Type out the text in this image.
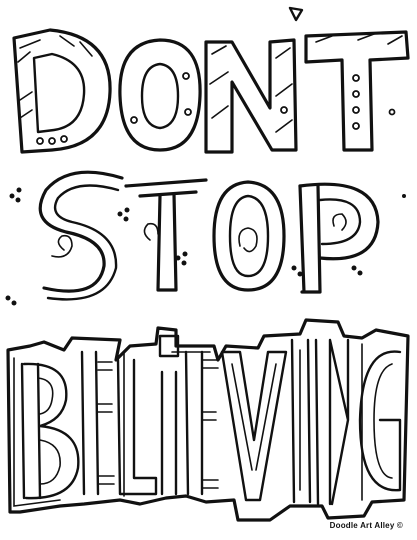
Doodle Art Alley ©
